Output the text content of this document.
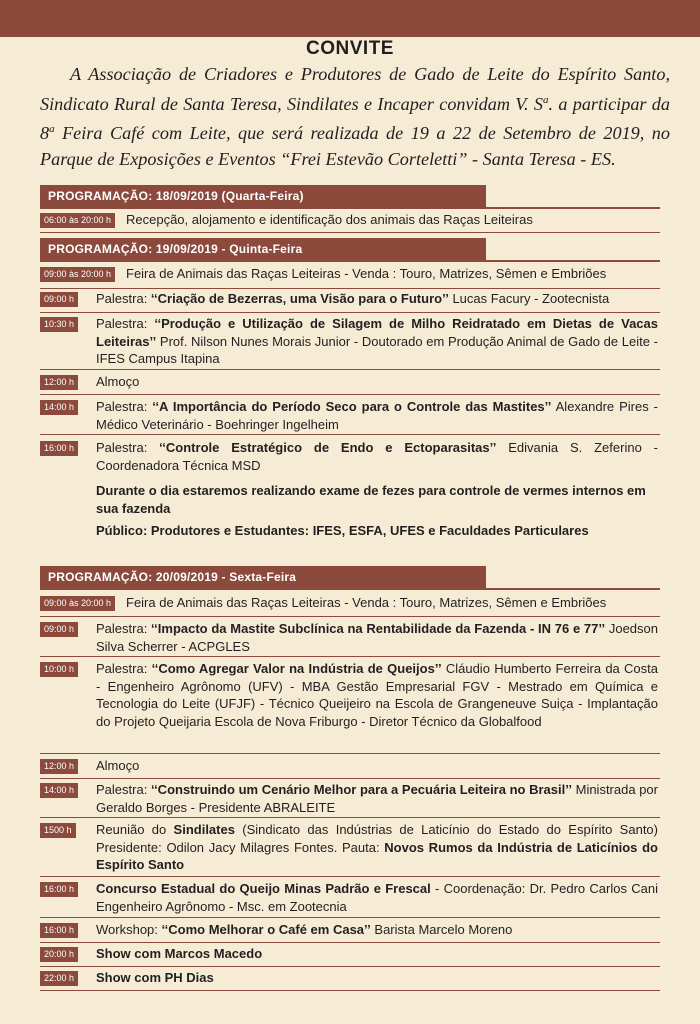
CONVITE
A Associação de Criadores e Produtores de Gado de Leite do Espírito Santo, Sindicato Rural de Santa Teresa, Sindilates e Incaper convidam V. $S^a$. a participar da 8$^a$ Feira Café com Leite, que será realizada de 19 a 22 de Setembro de 2019, no Parque de Exposições e Eventos “Frei Estevão Corteletti” - Santa Teresa - ES.
PROGRAMAÇÃO: 18/09/2019 (Quarta-Feira)
06:00 às 20:00 h	Recepção, alojamento e identificação dos animais das Raças Leiteiras
PROGRAMAÇÃO: 19/09/2019 - Quinta-Feira
09:00 às 20:00 h	Feira de Animais das Raças Leiteiras - Venda : Touro, Matrizes, Sêmen e Embriões
09:00 h	Palestra: ‘‘Criação de Bezerras, uma Visão para o Futuro’’ Lucas Facury - Zootecnista
10:30 h	Palestra: ‘‘Produção e Utilização de Silagem de Milho Reidratado em Dietas de Vacas Leiteiras’’ Prof. Nilson Nunes Morais Junior - Doutorado em Produção Animal de Gado de Leite - IFES Campus Itapina
12:00 h	Almoço
14:00 h	Palestra: ‘‘A Importância do Período Seco para o Controle das Mastites’’ Alexandre Pires - Médico Veterinário - Boehringer Ingelheim
16:00 h	Palestra: ‘‘Controle Estratégico de Endo e Ectoparasitas’’ Edivania S. Zeferino - Coordenadora Técnica MSD
Durante o dia estaremos realizando exame de fezes para controle de vermes internos em sua fazenda
Público: Produtores e Estudantes: IFES, ESFA, UFES e Faculdades Particulares
PROGRAMAÇÃO: 20/09/2019 - Sexta-Feira
09:00 às 20:00 h	Feira de Animais das Raças Leiteiras - Venda : Touro, Matrizes, Sêmen e Embriões
09:00 h	Palestra: ‘‘Impacto da Mastite Subclínica na Rentabilidade da Fazenda - IN 76 e 77’’ Joedson Silva Scherrer - ACPGLES
10:00 h	Palestra: ‘‘Como Agregar Valor na Indústria de Queijos’’ Cláudio Humberto Ferreira da Costa - Engenheiro Agrônomo (UFV) - MBA Gestão Empresarial FGV - Mestrado em Química e Tecnologia do Leite (UFJF) - Técnico Queijeiro na Escola de Grangeneuve Suiça - Implantação do Projeto Queijaria Escola de Nova Friburgo - Diretor Técnico da Globalfood
12:00 h	Almoço
14:00 h	Palestra: ‘‘Construindo um Cenário Melhor para a Pecuária Leiteira no Brasil’’ Ministrada por Geraldo Borges - Presidente ABRALEITE
1500 h	Reunião do Sindilates (Sindicato das Indústrias de Laticínio do Estado do Espírito Santo) Presidente: Odilon Jacy Milagres Fontes. Pauta: Novos Rumos da Indústria de Laticínios do Espírito Santo
16:00 h	Concurso Estadual do Queijo Minas Padrão e Frescal - Coordenação: Dr. Pedro Carlos Cani Engenheiro Agrônomo - Msc. em Zootecnia
16:00 h	Workshop: ‘‘Como Melhorar o Café em Casa’’ Barista Marcelo Moreno
20:00 h	Show com Marcos Macedo
22:00 h	Show com PH Dias
